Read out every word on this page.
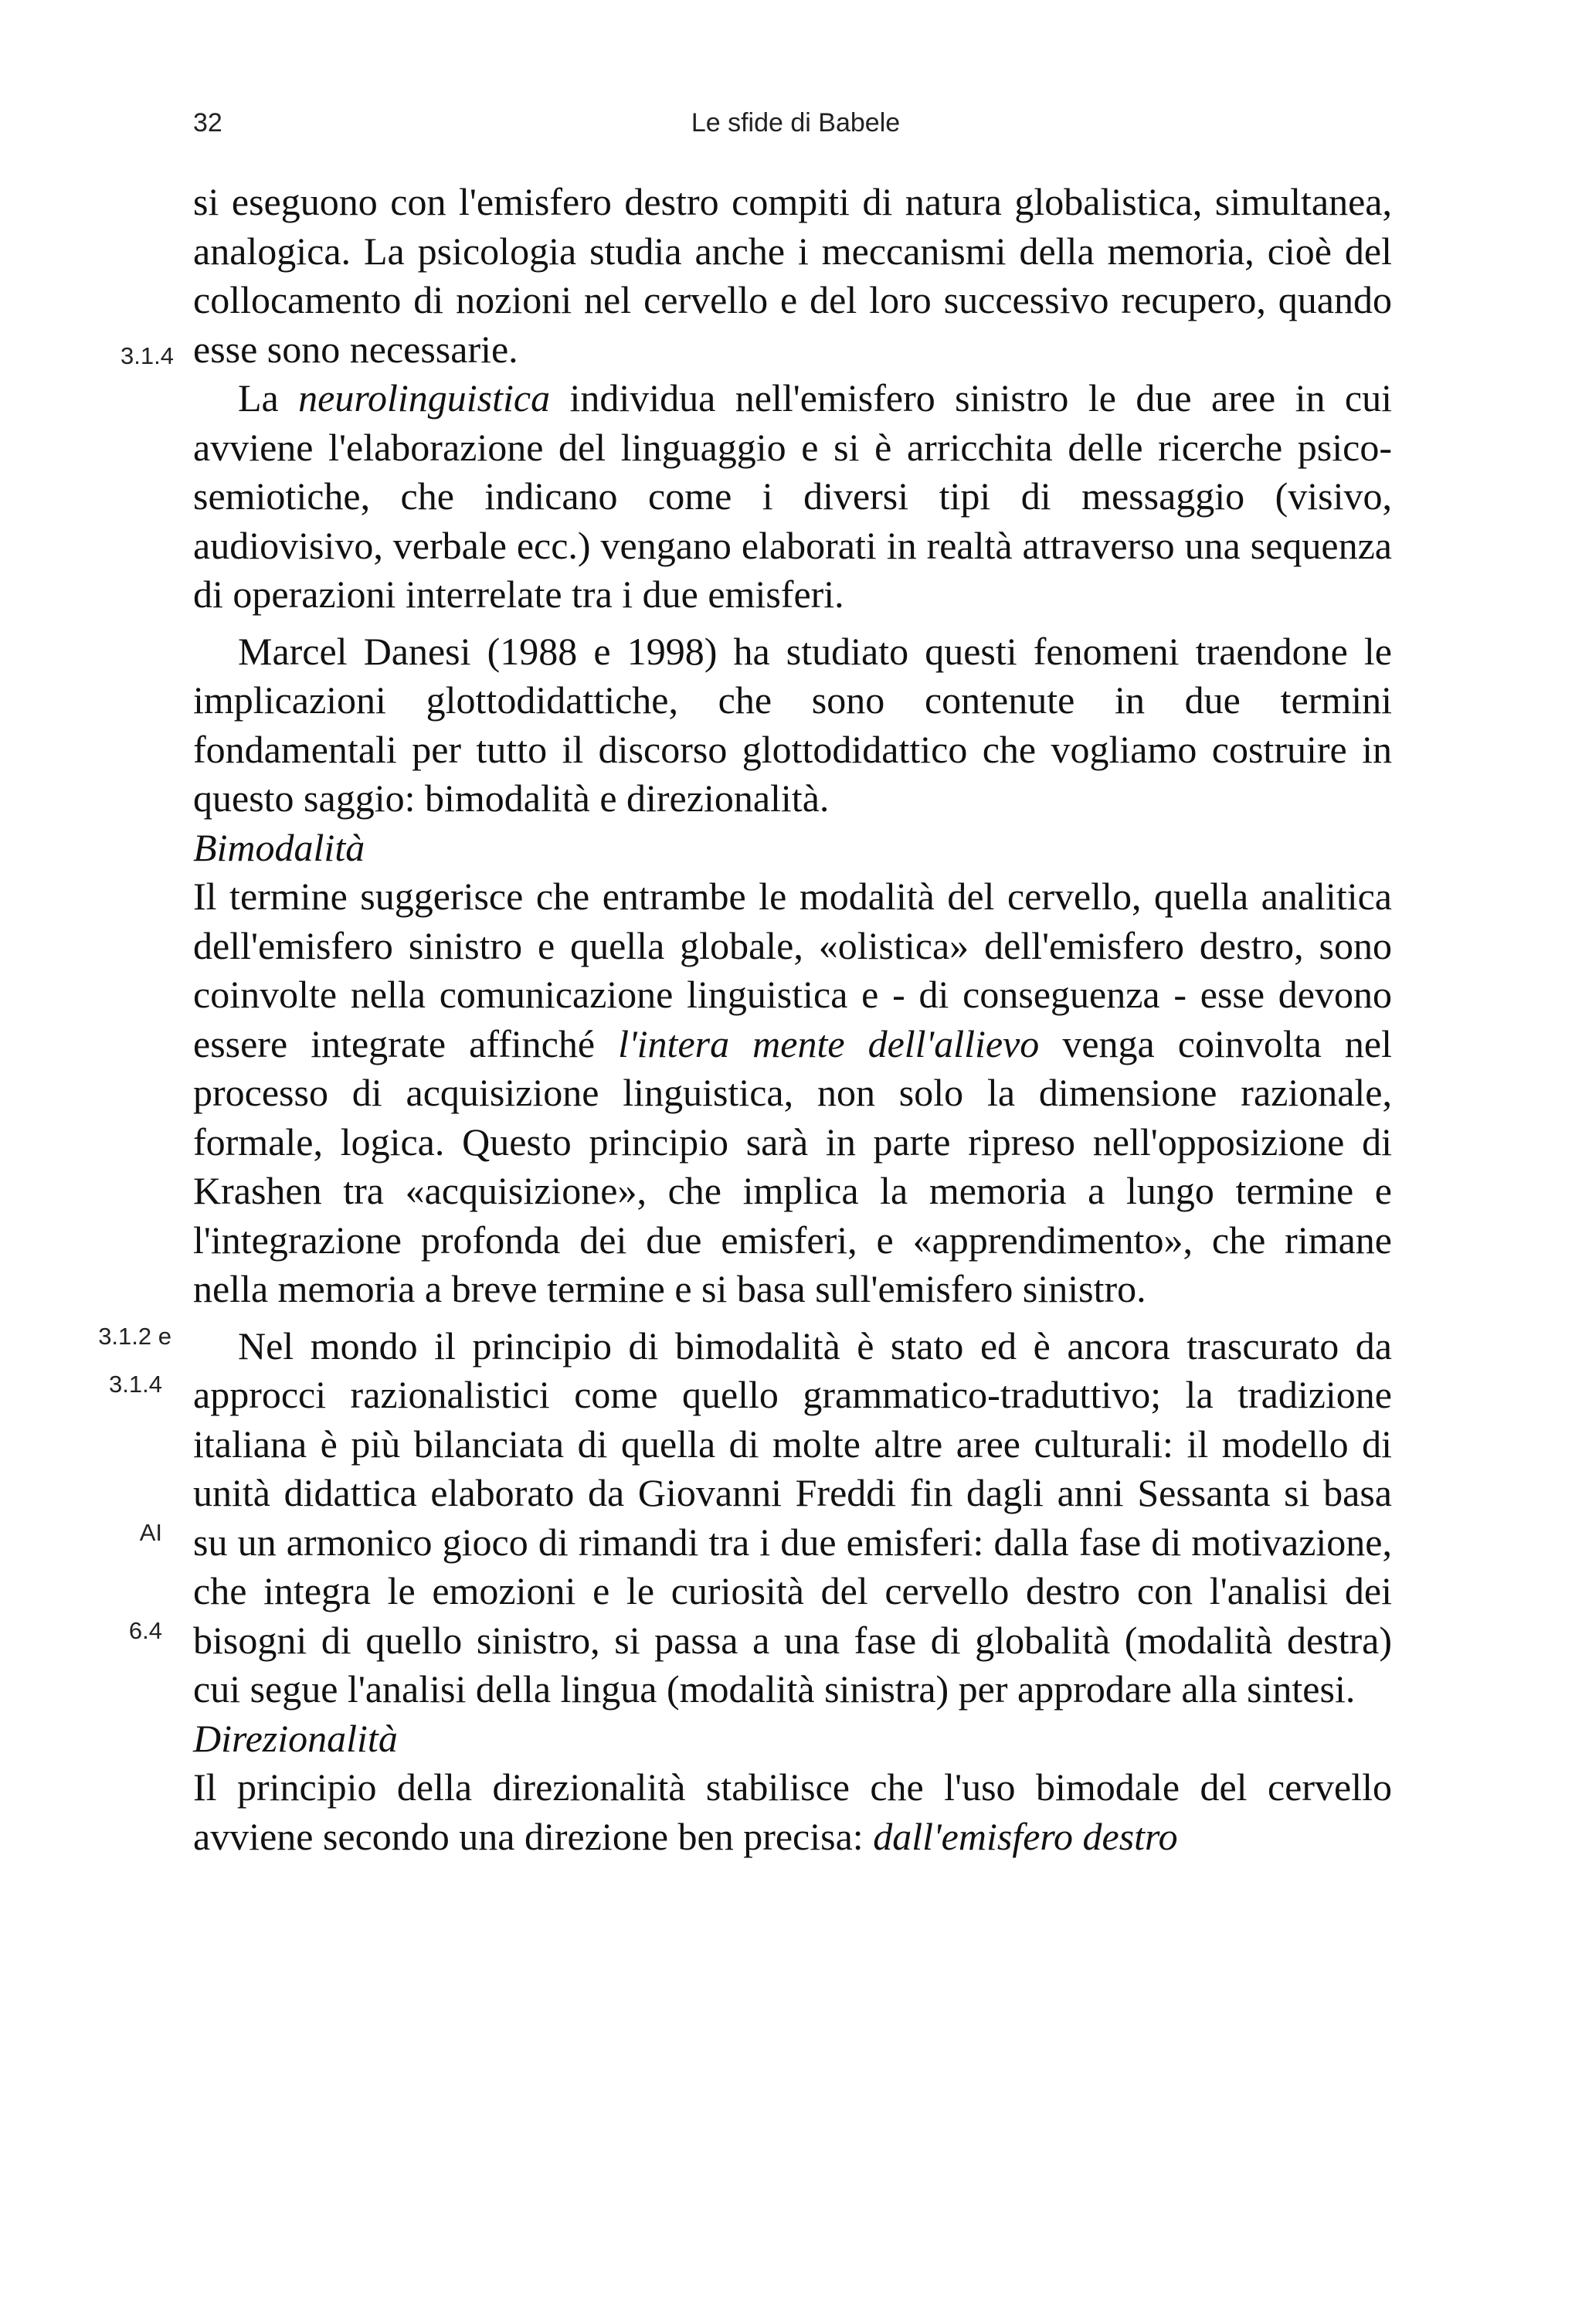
32	Le sfide di Babele
3.1.4
3.1.2 e
3.1.4
AI
6.4

si eseguono con l'emisfero destro compiti di natura globalistica, simultanea, analogica. La psicologia studia anche i meccanismi della memoria, cioè del collocamento di nozioni nel cervello e del loro successivo recupero, quando esse sono necessarie.

La neurolinguistica individua nell'emisfero sinistro le due aree in cui avviene l'elaborazione del linguaggio e si è arricchita delle ricerche psico-semiotiche, che indicano come i diversi tipi di messaggio (visivo, audiovisivo, verbale ecc.) vengano elaborati in realtà attraverso una sequenza di operazioni interrelate tra i due emisferi.

Marcel Danesi (1988 e 1998) ha studiato questi fenomeni traendone le implicazioni glottodidattiche, che sono contenute in due termini fondamentali per tutto il discorso glottodidattico che vogliamo costruire in questo saggio: bimodalità e direzionalità.

Bimodalità

Il termine suggerisce che entrambe le modalità del cervello, quella analitica dell'emisfero sinistro e quella globale, «olistica» dell'emisfero destro, sono coinvolte nella comunicazione linguistica e - di conseguenza - esse devono essere integrate affinché l'intera mente dell'allievo venga coinvolta nel processo di acquisizione linguistica, non solo la dimensione razionale, formale, logica. Questo principio sarà in parte ripreso nell'opposizione di Krashen tra «acquisizione», che implica la memoria a lungo termine e l'integrazione profonda dei due emisferi, e «apprendimento», che rimane nella memoria a breve termine e si basa sull'emisfero sinistro.

Nel mondo il principio di bimodalità è stato ed è ancora trascurato da approcci razionalistici come quello grammatico-traduttivo; la tradizione italiana è più bilanciata di quella di molte altre aree culturali: il modello di unità didattica elaborato da Giovanni Freddi fin dagli anni Sessanta si basa su un armonico gioco di rimandi tra i due emisferi: dalla fase di motivazione, che integra le emozioni e le curiosità del cervello destro con l'analisi dei bisogni di quello sinistro, si passa a una fase di globalità (modalità destra) cui segue l'analisi della lingua (modalità sinistra) per approdare alla sintesi.

Direzionalità

Il principio della direzionalità stabilisce che l'uso bimodale del cervello avviene secondo una direzione ben precisa: dall'emisfero destro
